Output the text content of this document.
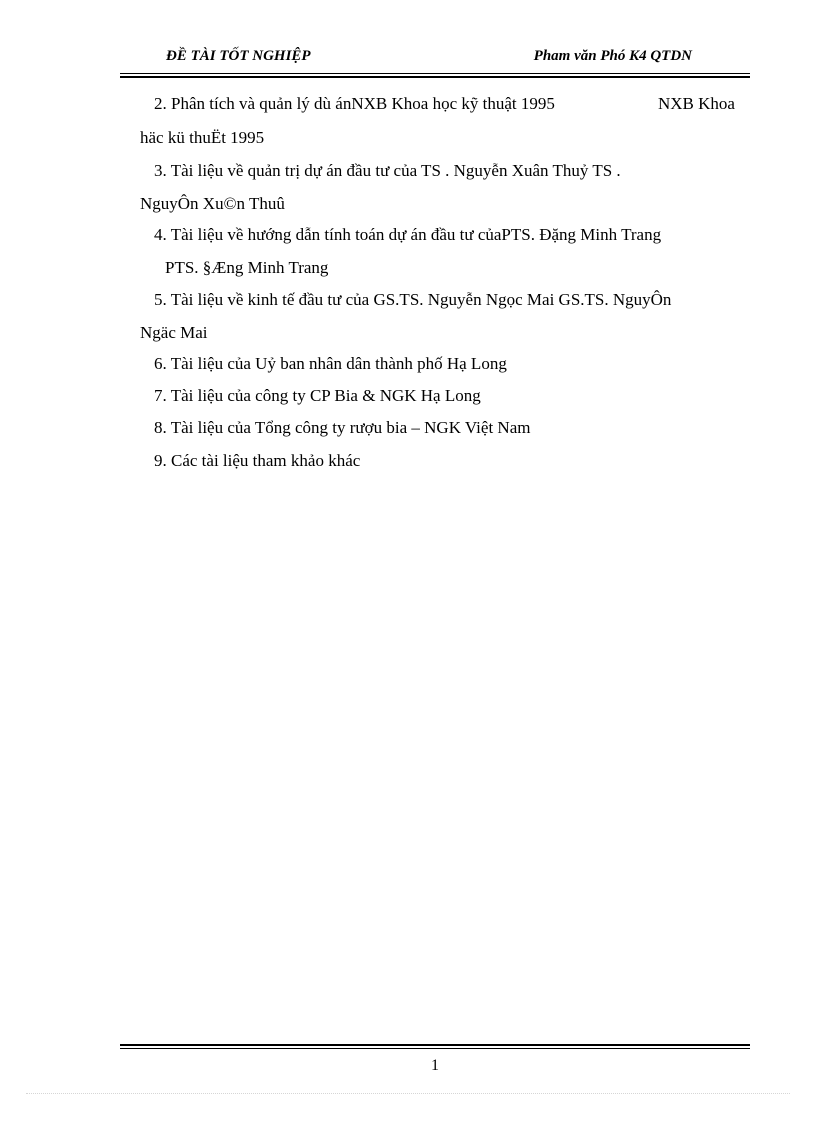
ĐỀ TÀI TỐT NGHIỆP	Pham văn Phó K4 QTDN
2. Phân tích và quản lý dù ánNXB Khoa học kỹ thuật 1995	NXB Khoa
häc kü thuËt 1995
3. Tài liệu về quản trị dự án đầu tư của TS . Nguyễn Xuân Thuỷ TS .
NguyÔn Xu©n Thuû
4. Tài liệu về hướng dẫn tính toán dự án đầu tư củaPTS. Đặng Minh Trang
PTS. §Æng Minh Trang
5. Tài liệu về kinh tế đầu tư của GS.TS. Nguyễn Ngọc Mai GS.TS. NguyÔn
Ngäc Mai
6. Tài liệu của Uỷ ban nhân dân thành phố Hạ Long
7. Tài liệu của công ty CP Bia & NGK Hạ Long
8. Tài liệu của Tổng công ty rượu bia – NGK Việt Nam
9. Các tài liệu tham khảo khác
1
